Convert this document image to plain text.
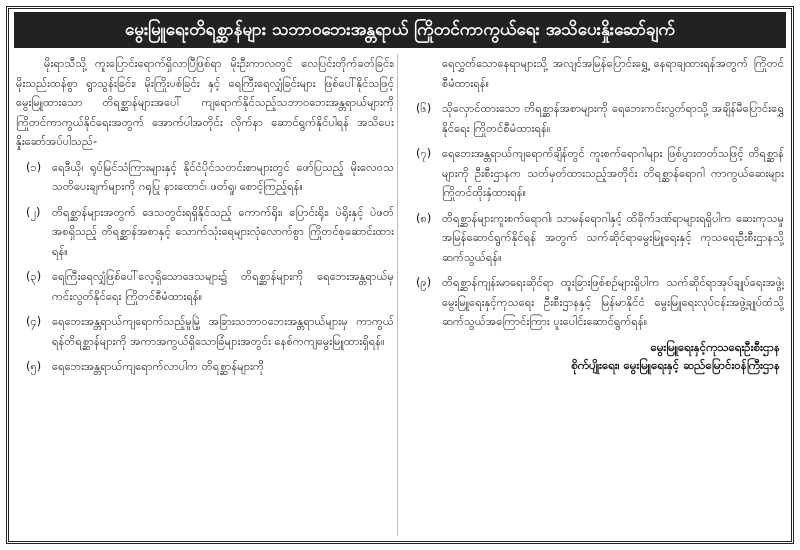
မွေးမြူရေးတိရစ္ဆာန်များ သဘာဝဘေးအန္တရာယ် ကြိုတင်ကာကွယ်ရေး အသိပေးနှိုးဆော်ချက်

မိုးရာသီသို့ ကူးပြောင်းရောက်ရှိလာပြီဖြစ်ရာ မိုးဦးကာလတွင် လေပြင်းတိုက်ခတ်ခြင်း၊ မိုးသည်းထန်စွာ ရွာသွန်းခြင်း၊ မိုးကြိုးပစ်ခြင်း နှင့် ရေကြီးရေလျှံခြင်းများ ဖြစ်ပေါ်နိုင်သဖြင့် မွေးမြူထားသော တိရစ္ဆာန်များအပေါ် ကျရောက်နိုင်သည့်သဘာဝဘေးအန္တရာယ်များကို ကြိုတင်ကာကွယ်နိုင်ရေးအတွက် အောက်ပါအတိုင်း လိုက်နာ ဆောင်ရွက်နိုင်ပါရန် အသိပေးနှိုးဆော်အပ်ပါသည်-

(၁) ရေဒီယို၊ ရုပ်မြင်သံကြားများနှင့် နိုင်ငံပိုင်သတင်းစာများတွင် ဖော်ပြသည့် မိုးလေဝသသတိပေးချက်များကို ဂရုပြု နားထောင်၊ ဖတ်ရှု၊ စောင့်ကြည့်ရန်။
(၂)	တိရစ္ဆာန်များအတွက် ဒေသတွင်းရရှိနိုင်သည့် ကောက်ရိုး၊ ပြောင်းရိုး၊ ပဲရိုးနှင့် ပဲဖတ်အစရှိသည့် တိရစ္ဆာန်အစာနှင့် သောက်သုံးရေများလုံလောက်စွာ ကြိုတင်စုဆောင်းထားရန်။
(၃) ရေကြီးရေလျှံဖြစ်ပေါ်လေ့ရှိသောဒေသများ၌ တိရစ္ဆာန်များကို ရေဘေးအန္တရာယ်မှ ကင်းလွတ်နိုင်ရေး ကြိုတင်စီမံထားရန်။
(၄) ရေဘေးအန္တရာယ်ကျရောက်သည့်မှုမြဲ့ အခြားသဘာဝဘေးအန္တရာယ်များမှ ကာကွယ်ရန်တိရစ္ဆာန်များကို အကာအကွယ်ရှိသောခြံများအတွင်း နေစ်ကကျမွေးမြူထားရှိရန်။
(၅) ရေဘေးအန္တရာယ်ကျရောက်လာပါက တိရစ္ဆာန်များကို

ရေလွှတ်သောနေရာများသို့ အလျင်အမြန်ပြောင်းရွှေ့ နေရာချထားရန်အတွက် ကြိုတင်စီမံထားရန်။

(၆) သိုလှောင်ထားသော တိရစ္ဆာန်အစာများကို ရေဘေးကင်းလွတ်ရာသို့ အချိန်မီပြောင်းရွှေ့နိုင်ရေး ကြိုတင်စီမံထားရန်။
(၇) ရေဘေးအန္တရာယ်ကျရောက်ချိန်တွင် ကူးစက်ရောဂါများ ဖြစ်ပွားတတ်သဖြင့် တိရစ္ဆာန်များကို ဦးစီးဌာနက သတ်မှတ်ထားသည့်အတိုင်း တိရစ္ဆာန်ရောဂါ ကာကွယ်ဆေးများ ကြိုတင်ထိုးနှံထားရန်။
(၈) တိရစ္ဆာန်များကူးစက်ရောဂါ၊ သာမန်ရောဂါနှင့် ထိခိုက်ဒဏ်ရာများရရှိပါက ဆေးကုသမှုအမြန်ဆောင်ရွက်နိုင်ရန် အတွက် သက်ဆိုင်ရာမွေးမြူရေးနှင့် ကုသရေးဦးစီးဌာနသို့ ဆက်သွယ်ရန်။
(၉) တိရစ္ဆာန်ကျန်းမာရေးဆိုင်ရာ ထူးခြားဖြစ်စဉ်များရှိပါက သက်ဆိုင်ရာအုပ်ချုပ်ရေးအဖွဲ့၊ မွေးမြူရေးနှင့်ကုသရေး ဦးစီးဌာနနှင့် မြန်မာနိုင်ငံ မွေးမြူရေးလုပ်ငန်းအဖွဲ့ချုပ်ထံသို့ ဆက်သွယ်အကြောင်းကြား ပူးပေါင်းဆောင်ရွက်ရန်။
မွေးမြူရေးနှင့်ကုသရေးဦးစီးဌာန
စိုက်ပျိုးရေး၊ မွေးမြူရေးနှင့် ဆည်မြောင်းဝန်ကြီးဌာန
